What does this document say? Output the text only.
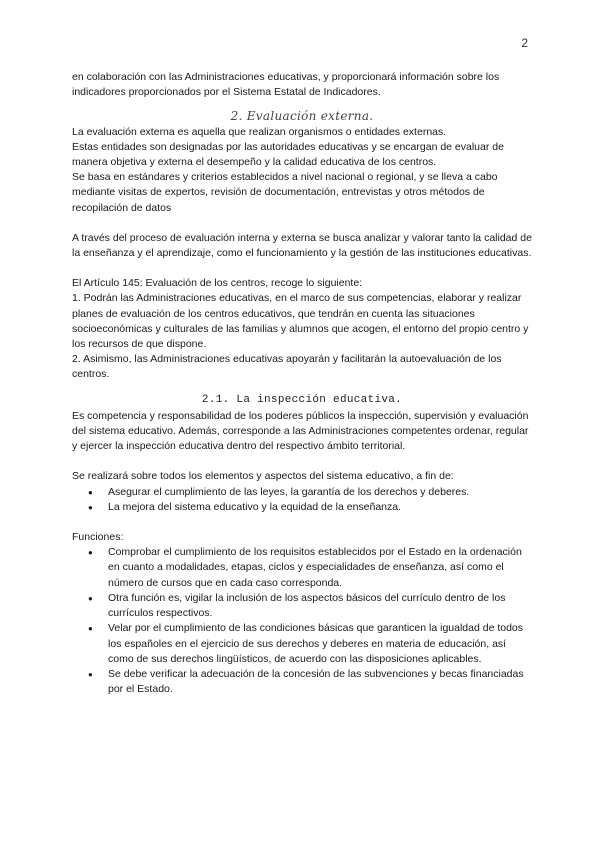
2

en colaboración con las Administraciones educativas, y proporcionará información sobre los indicadores proporcionados por el Sistema Estatal de Indicadores.

2. Evaluación externa.

La evaluación externa es aquella que realizan organismos o entidades externas.

Estas entidades son designadas por las autoridades educativas y se encargan de evaluar de manera objetiva y externa el desempeño y la calidad educativa de los centros.

Se basa en estándares y criterios establecidos a nivel nacional o regional, y se lleva a cabo mediante visitas de expertos, revisión de documentación, entrevistas y otros métodos de recopilación de datos

A través del proceso de evaluación interna y externa se busca analizar y valorar tanto la calidad de la enseñanza y el aprendizaje, como el funcionamiento y la gestión de las instituciones educativas.

El Artículo 145: Evaluación de los centros, recoge lo siguiente:

1. Podrán las Administraciones educativas, en el marco de sus competencias, elaborar y realizar planes de evaluación de los centros educativos, que tendrán en cuenta las situaciones socioeconómicas y culturales de las familias y alumnos que acogen, el entorno del propio centro y los recursos de que dispone.

2. Asimismo, las Administraciones educativas apoyarán y facilitarán la autoevaluación de los centros.

2.1. La inspección educativa.

Es competencia y responsabilidad de los poderes públicos la inspección, supervisión y evaluación del sistema educativo. Además, corresponde a las Administraciones competentes ordenar, regular y ejercer la inspección educativa dentro del respectivo ámbito territorial.

Se realizará sobre todos los elementos y aspectos del sistema educativo, a fin de:

● Asegurar el cumplimiento de las leyes, la garantía de los derechos y deberes.
● La mejora del sistema educativo y la equidad de la enseñanza.

Funciones:

● Comprobar el cumplimiento de los requisitos establecidos por el Estado en la ordenación en cuanto a modalidades, etapas, ciclos y especialidades de enseñanza, así como el número de cursos que en cada caso corresponda.
● Otra función es, vigilar la inclusión de los aspectos básicos del currículo dentro de los currículos respectivos.
● Velar por el cumplimiento de las condiciones básicas que garanticen la igualdad de todos los españoles en el ejercicio de sus derechos y deberes en materia de educación, así como de sus derechos lingüísticos, de acuerdo con las disposiciones aplicables.
● Se debe verificar la adecuación de la concesión de las subvenciones y becas financiadas por el Estado.
